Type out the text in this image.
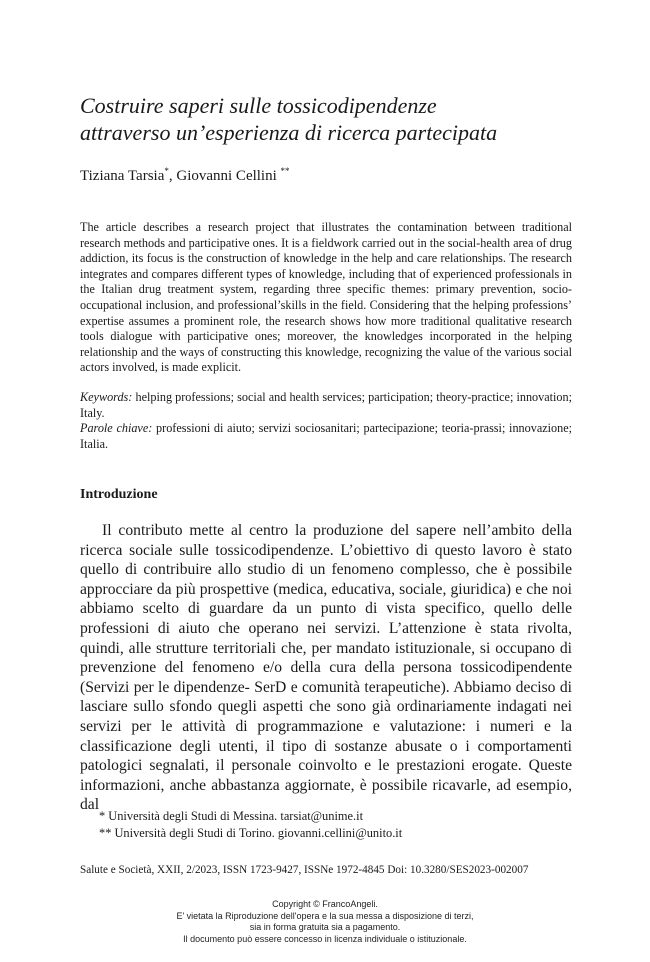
Costruire saperi sulle tossicodipendenze
attraverso un’esperienza di ricerca partecipata
Tiziana Tarsia*, Giovanni Cellini **
The article describes a research project that illustrates the contamination between traditional research methods and participative ones. It is a fieldwork carried out in the social-health area of drug addiction, its focus is the construction of knowledge in the help and care relationships. The research integrates and compares different types of knowledge, including that of experienced professionals in the Italian drug treatment system, regarding three specific themes: primary prevention, socio-occupational inclusion, and professional’skills in the field. Considering that the helping professions’ expertise assumes a prominent role, the research shows how more traditional qualitative research tools dialogue with participative ones; moreover, the knowledges incorporated in the helping relationship and the ways of constructing this knowledge, recognizing the value of the various social actors involved, is made explicit.
Keywords: helping professions; social and health services; participation; theory-practice; innovation; Italy.
Parole chiave: professioni di aiuto; servizi sociosanitari; partecipazione; teoria-prassi; innovazione; Italia.
Introduzione
Il contributo mette al centro la produzione del sapere nell’ambito della ricerca sociale sulle tossicodipendenze. L’obiettivo di questo lavoro è stato quello di contribuire allo studio di un fenomeno complesso, che è possibile approcciare da più prospettive (medica, educativa, sociale, giuridica) e che noi abbiamo scelto di guardare da un punto di vista specifico, quello delle professioni di aiuto che operano nei servizi. L’attenzione è stata rivolta, quindi, alle strutture territoriali che, per mandato istituzionale, si occupano di prevenzione del fenomeno e/o della cura della persona tossicodipendente (Servizi per le dipendenze- SerD e comunità terapeutiche). Abbiamo deciso di lasciare sullo sfondo quegli aspetti che sono già ordinariamente indagati nei servizi per le attività di programmazione e valutazione: i numeri e la classificazione degli utenti, il tipo di sostanze abusate o i comportamenti patologici segnalati, il personale coinvolto e le prestazioni erogate. Queste informazioni, anche abbastanza aggiornate, è possibile ricavarle, ad esempio, dal
* Università degli Studi di Messina. tarsiat@unime.it
** Università degli Studi di Torino. giovanni.cellini@unito.it
Salute e Società, XXII, 2/2023, ISSN 1723-9427, ISSNe 1972-4845 Doi: 10.3280/SES2023-002007
Copyright © FrancoAngeli.
E' vietata la Riproduzione dell'opera e la sua messa a disposizione di terzi,
sia in forma gratuita sia a pagamento.
Il documento può essere concesso in licenza individuale o istituzionale.
